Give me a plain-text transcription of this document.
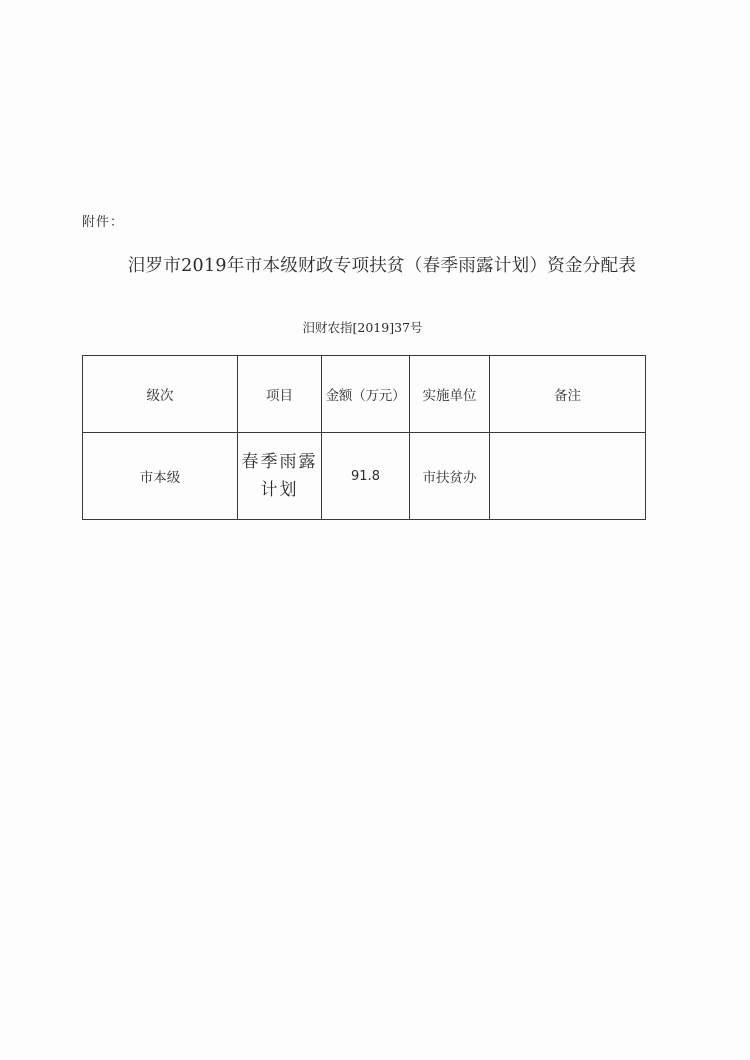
附件：
汨罗市2019年市本级财政专项扶贫（春季雨露计划）资金分配表
汨财农指[2019]37号
级次	项目	金额（万元）	实施单位	备注
市本级	春季雨露计划	91.8	市扶贫办	
